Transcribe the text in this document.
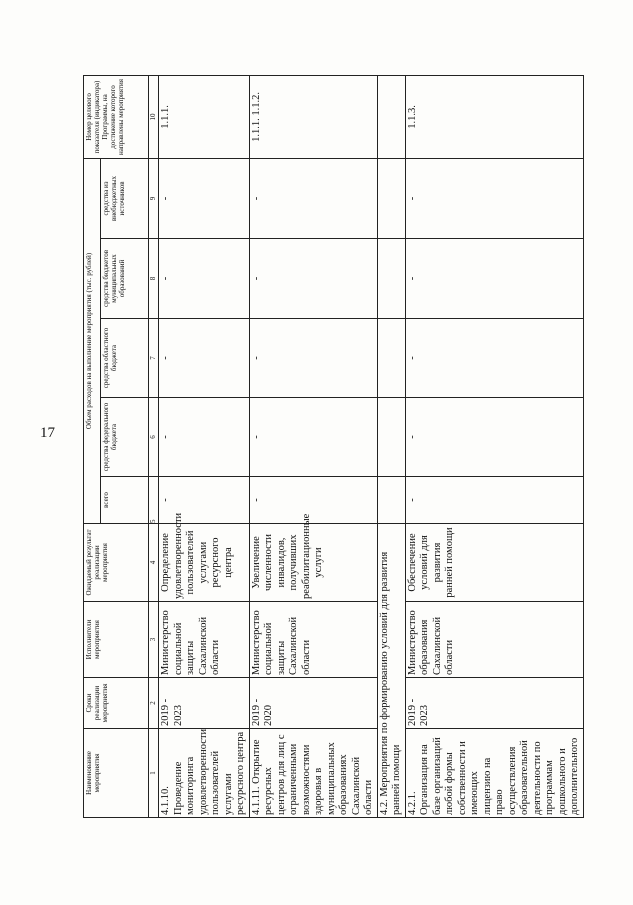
17
Наименование мероприятия	Сроки реализации мероприятия	Исполнители мероприятия	Ожидаемый результат реализации мероприятия	Объем расходов на выполнение мероприятия (тыс. рублей)					Номер целевого показателя (индикатора) Программы, на достижение которого направлены мероприятия
				всего	средства федерального бюджета	средства областного бюджета	средства бюджетов муниципальных образований	средства из внебюджетных источников	
1	2	3	4	5	6	7	8	9	10
4.1.10. Проведение мониторинга удовлетворенности пользователей услугами ресурсного центра	2019 - 2023	Министерство социальной защиты Сахалинской области	Определение удовлетворенности пользователей услугами ресурсного центра	-	-	-	-	-	1.1.1.
4.1.11. Открытие ресурсных центров для лиц с ограниченными возможностями здоровья в муниципальных образованиях Сахалинской области	2019 - 2020	Министерство социальной защиты Сахалинской области	Увеличение численности инвалидов, получивших реабилитационные услуги	-	-	-	-	-	1.1.1. 1.1.2.
4.2. Мероприятия по формированию условий для развития ранней помощи									
4.2.1. Организация на базе организаций любой формы собственности и имеющих лицензию на право осуществления образовательной деятельности по программам дошкольного и дополнительного	2019 - 2023	Министерство образования Сахалинской области	Обеспечение условий для развития ранней помощи	-	-	-	-	-	1.1.3.
